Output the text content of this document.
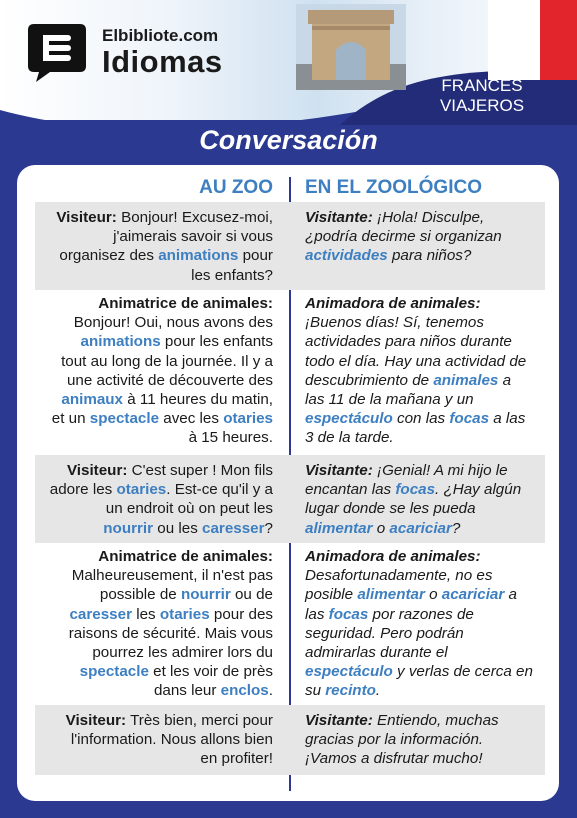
Elbibliote.com
Idiomas
FRANCÉS
VIAJEROS
Conversación
AU ZOO EN EL ZOOLÓGICO
Visiteur: Bonjour! Excusez-moi,
j'aimerais savoir si vous
organisez des animations pour
les enfants?
Visitante: ¡Hola! Disculpe,
¿podría decirme si organizan
actividades para niños?
Animatrice de animales:
Bonjour! Oui, nous avons des
animations pour les enfants
tout au long de la journée. Il y a
une activité de découverte des
animaux à 11 heures du matin,
et un spectacle avec les otaries
à 15 heures.
Animadora de animales:
¡Buenos días! Sí, tenemos
actividades para niños durante
todo el día. Hay una actividad de
descubrimiento de animales a
las 11 de la mañana y un
espectáculo con las focas a las
3 de la tarde.
Visiteur: C'est super ! Mon fils
adore les otaries. Est-ce qu'il y a
un endroit où on peut les
nourrir ou les caresser?
Visitante: ¡Genial! A mi hijo le
encantan las focas. ¿Hay algún
lugar donde se les pueda
alimentar o acariciar?
Animatrice de animales:
Malheureusement, il n'est pas
possible de nourrir ou de
caresser les otaries pour des
raisons de sécurité. Mais vous
pourrez les admirer lors du
spectacle et les voir de près
dans leur enclos.
Animadora de animales:
Desafortunadamente, no es
posible alimentar o acariciar a
las focas por razones de
seguridad. Pero podrán
admirarlas durante el
espectáculo y verlas de cerca en
su recinto.
Visiteur: Très bien, merci pour
l'information. Nous allons bien
en profiter!
Visitante: Entiendo, muchas
gracias por la información.
¡Vamos a disfrutar mucho!
